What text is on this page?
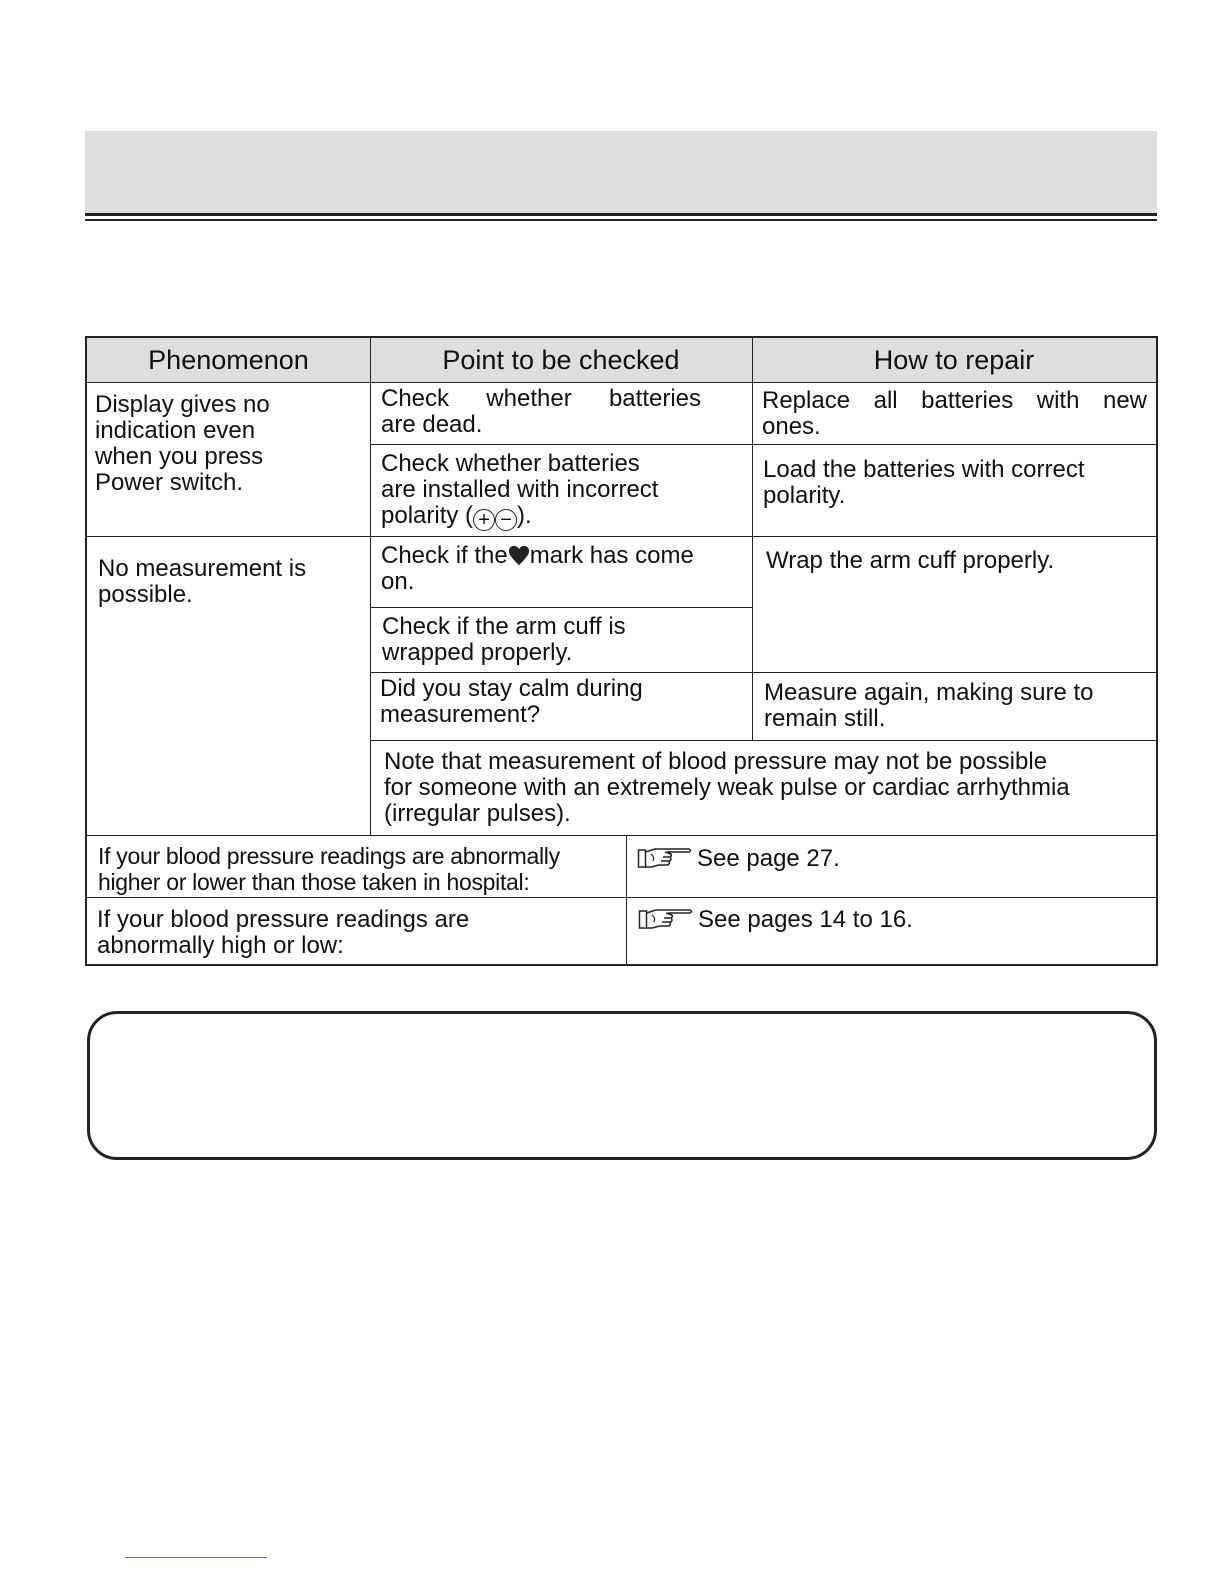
Phenomenon	Point to be checked	How to repair
Display gives no
indication even
when you press
Power switch.
Check whether batteries
are dead.
Replace all batteries with new
ones.
Check whether batteries
are installed with incorrect
polarity ( + − ).
Load the batteries with correct
polarity.
No measurement is
possible.
Check if the mark has come
on.
Wrap the arm cuff properly.
Check if the arm cuff is
wrapped properly.
Did you stay calm during
measurement?
Measure again, making sure to
remain still.
Note that measurement of blood pressure may not be possible
for someone with an extremely weak pulse or cardiac arrhythmia
(irregular pulses).
If your blood pressure readings are abnormally
higher or lower than those taken in hospital:
See page 27.
If your blood pressure readings are
abnormally high or low:
See pages 14 to 16.
